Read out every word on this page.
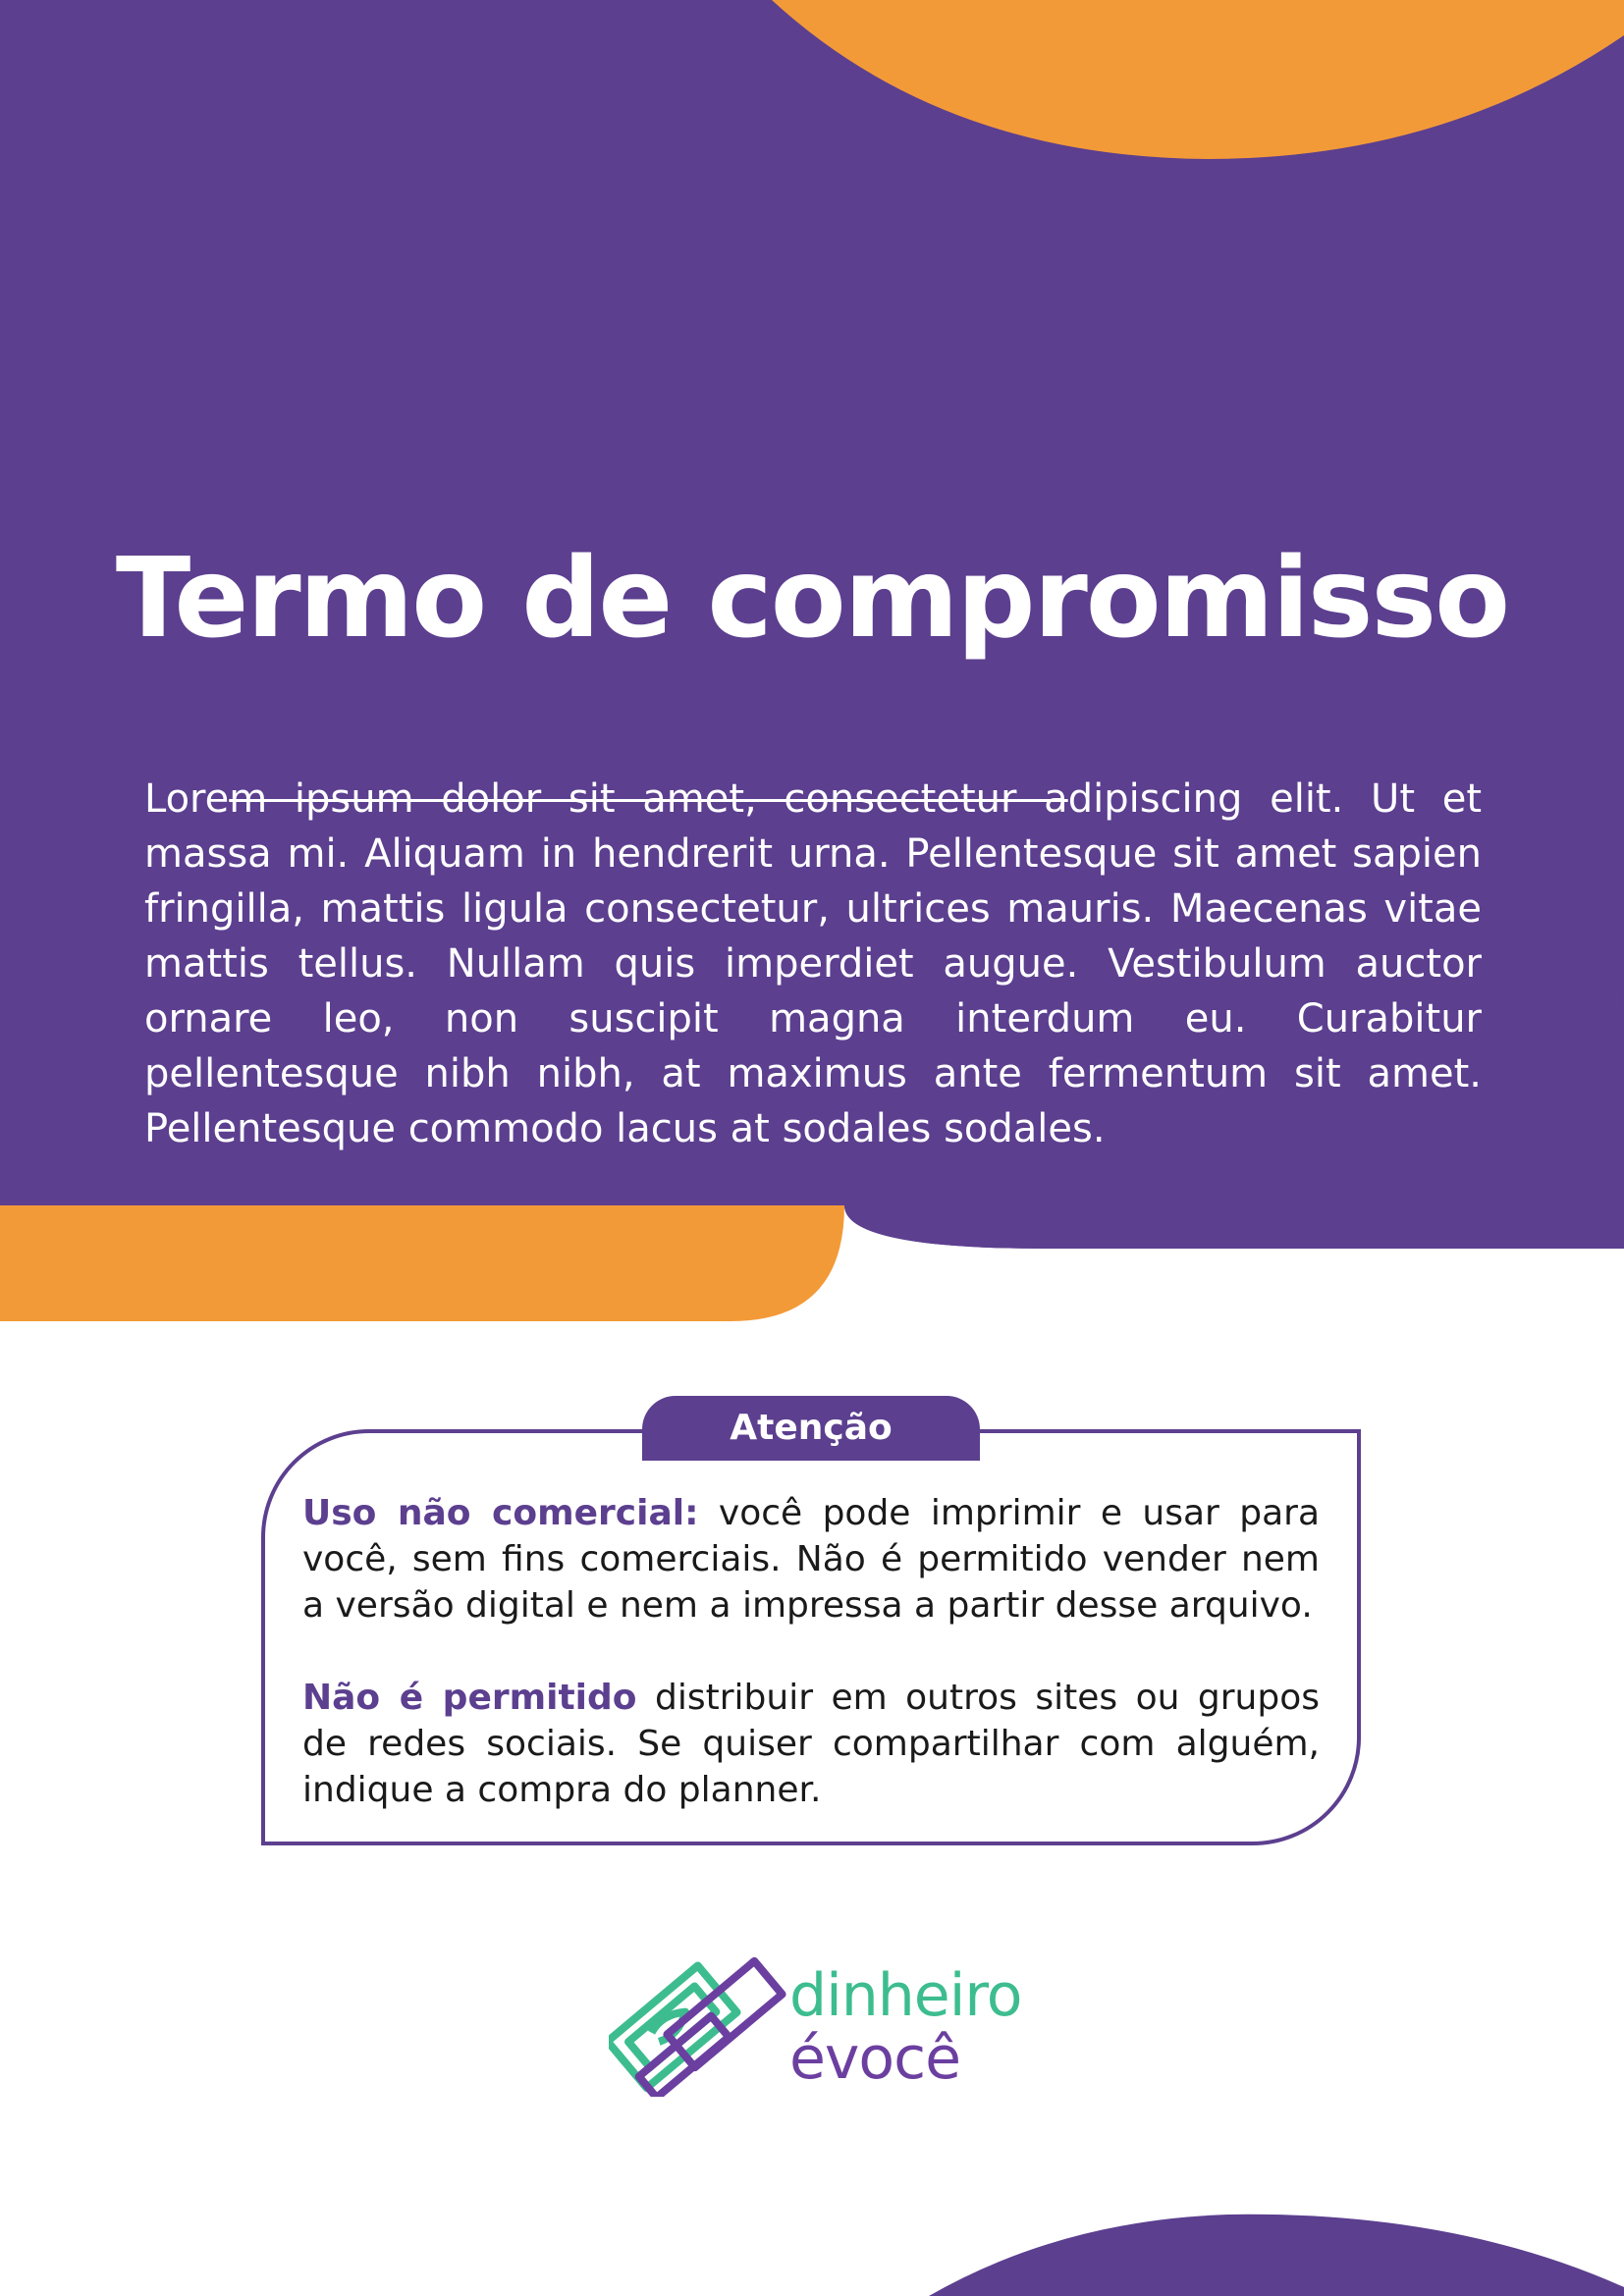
Termo de compromisso
Lorem ipsum dolor sit amet, consectetur adipiscing elit. Ut et massa mi. Aliquam in hendrerit urna. Pellentesque sit amet sapien fringilla, mattis ligula consectetur, ultrices mauris. Maecenas vitae mattis tellus. Nullam quis imperdiet augue. Vestibulum auctor ornare leo, non suscipit magna interdum eu. Curabitur pellentesque nibh nibh, at maximus ante fermentum sit amet. Pellentesque commodo lacus at sodales sodales.
Atenção

Uso não comercial: você pode imprimir e usar para você, sem fins comerciais. Não é permitido vender nem a versão digital e nem a impressa a partir desse arquivo.

Não é permitido distribuir em outros sites ou grupos de redes sociais. Se quiser compartilhar com alguém, indique a compra do planner.

dinheiro
évocê
